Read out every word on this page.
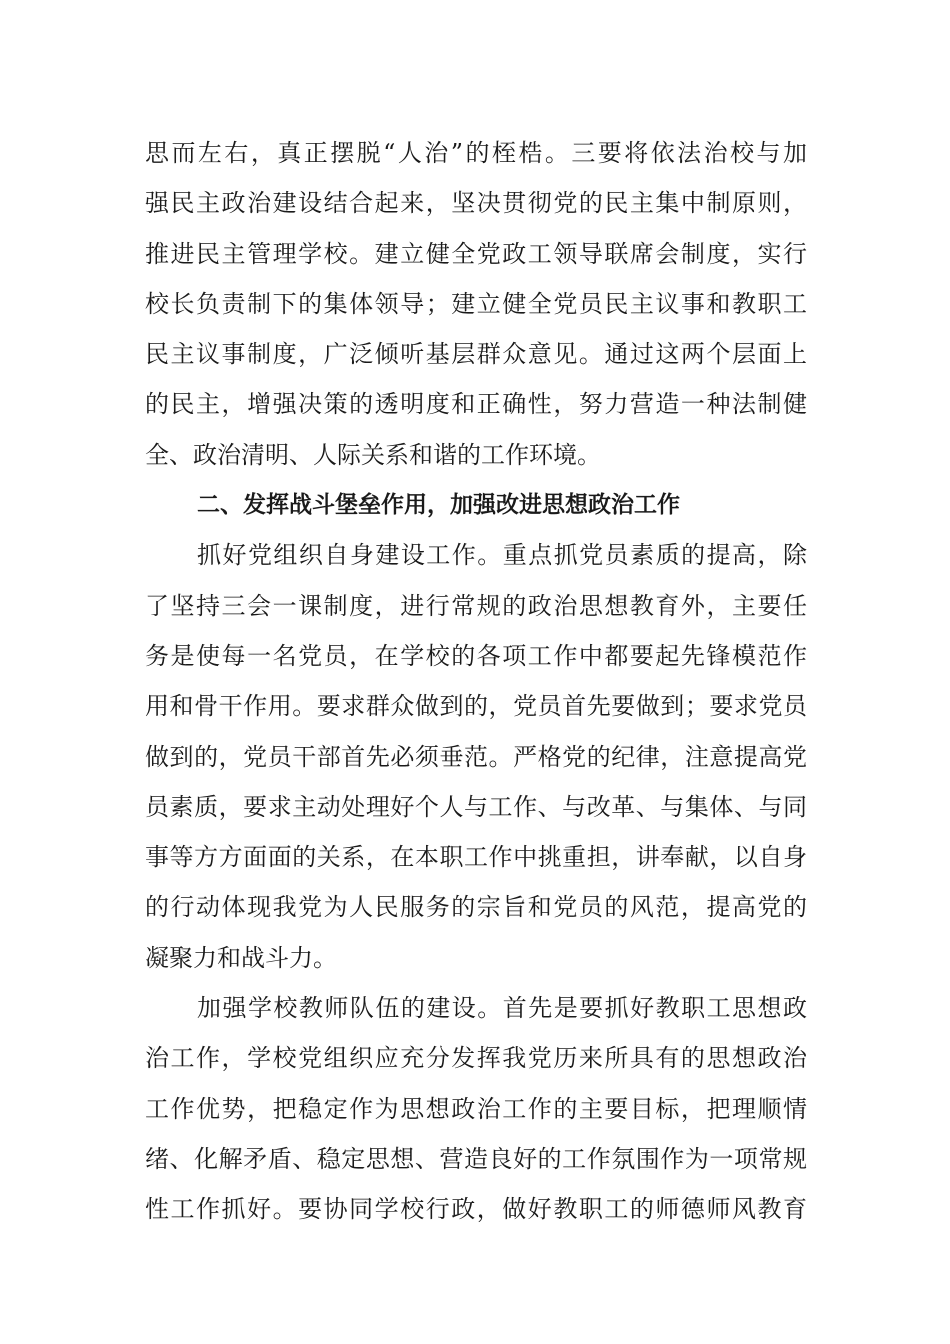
思而左右，真正摆脱“人治”的桎梏。三要将依法治校与加
强民主政治建设结合起来，坚决贯彻党的民主集中制原则，
推进民主管理学校。建立健全党政工领导联席会制度，实行
校长负责制下的集体领导；建立健全党员民主议事和教职工
民主议事制度，广泛倾听基层群众意见。通过这两个层面上
的民主，增强决策的透明度和正确性，努力营造一种法制健
全、政治清明、人际关系和谐的工作环境。
二、发挥战斗堡垒作用，加强改进思想政治工作
抓好党组织自身建设工作。重点抓党员素质的提高，除
了坚持三会一课制度，进行常规的政治思想教育外，主要任
务是使每一名党员，在学校的各项工作中都要起先锋模范作
用和骨干作用。要求群众做到的，党员首先要做到；要求党员
做到的，党员干部首先必须垂范。严格党的纪律，注意提高党
员素质，要求主动处理好个人与工作、与改革、与集体、与同
事等方方面面的关系，在本职工作中挑重担，讲奉献，以自身
的行动体现我党为人民服务的宗旨和党员的风范，提高党的
凝聚力和战斗力。
加强学校教师队伍的建设。首先是要抓好教职工思想政
治工作，学校党组织应充分发挥我党历来所具有的思想政治
工作优势，把稳定作为思想政治工作的主要目标，把理顺情
绪、化解矛盾、稳定思想、营造良好的工作氛围作为一项常规
性工作抓好。要协同学校行政，做好教职工的师德师风教育
